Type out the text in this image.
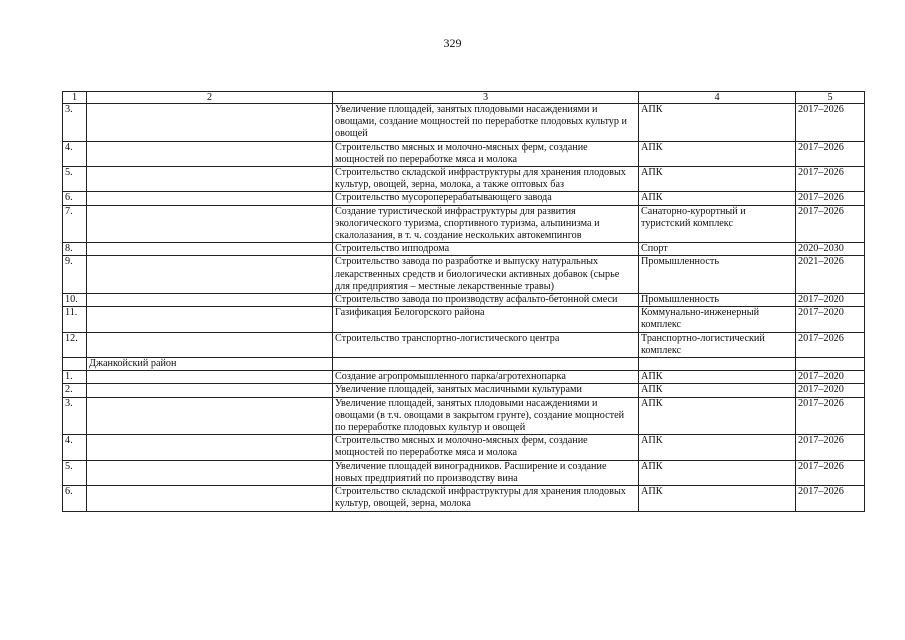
329
1	2	3	4	5
3.		Увеличение площадей, занятых плодовыми насаждениями и овощами, создание мощностей по переработке плодовых культур и овощей	АПК	2017–2026
4.		Строительство мясных и молочно-мясных ферм, создание мощностей по переработке мяса и молока	АПК	2017–2026
5.		Строительство складской инфраструктуры для хранения плодовых культур, овощей, зерна, молока, а также оптовых баз	АПК	2017–2026
6.		Строительство мусороперерабатывающего завода	АПК	2017–2026
7.		Создание туристической инфраструктуры для развития экологического туризма, спортивного туризма, альпинизма и скалолазания, в т. ч. создание нескольких автокемпингов	Санаторно-курортный и туристский комплекс	2017–2026
8.		Строительство ипподрома	Спорт	2020–2030
9.		Строительство завода по разработке и выпуску натуральных лекарственных средств и биологически активных добавок (сырье для предприятия – местные лекарственные травы)	Промышленность	2021–2026
10.		Строительство завода по производству асфальто-бетонной смеси	Промышленность	2017–2020
11.		Газификация Белогорского района	Коммунально-инженерный комплекс	2017–2020
12.		Строительство транспортно-логистического центра	Транспортно-логистический комплекс	2017–2026
	Джанкойский район			
1.		Создание агропромышленного парка/агротехнопарка	АПК	2017–2020
2.		Увеличение площадей, занятых масличными культурами	АПК	2017–2020
3.		Увеличение площадей, занятых плодовыми насаждениями и овощами (в т.ч. овощами в закрытом грунте), создание мощностей по переработке плодовых культур и овощей	АПК	2017–2026
4.		Строительство мясных и молочно-мясных ферм, создание мощностей по переработке мяса и молока	АПК	2017–2026
5.		Увеличение площадей виноградников. Расширение и создание новых предприятий по производству вина	АПК	2017–2026
6.		Строительство складской инфраструктуры для хранения плодовых культур, овощей, зерна, молока	АПК	2017–2026
